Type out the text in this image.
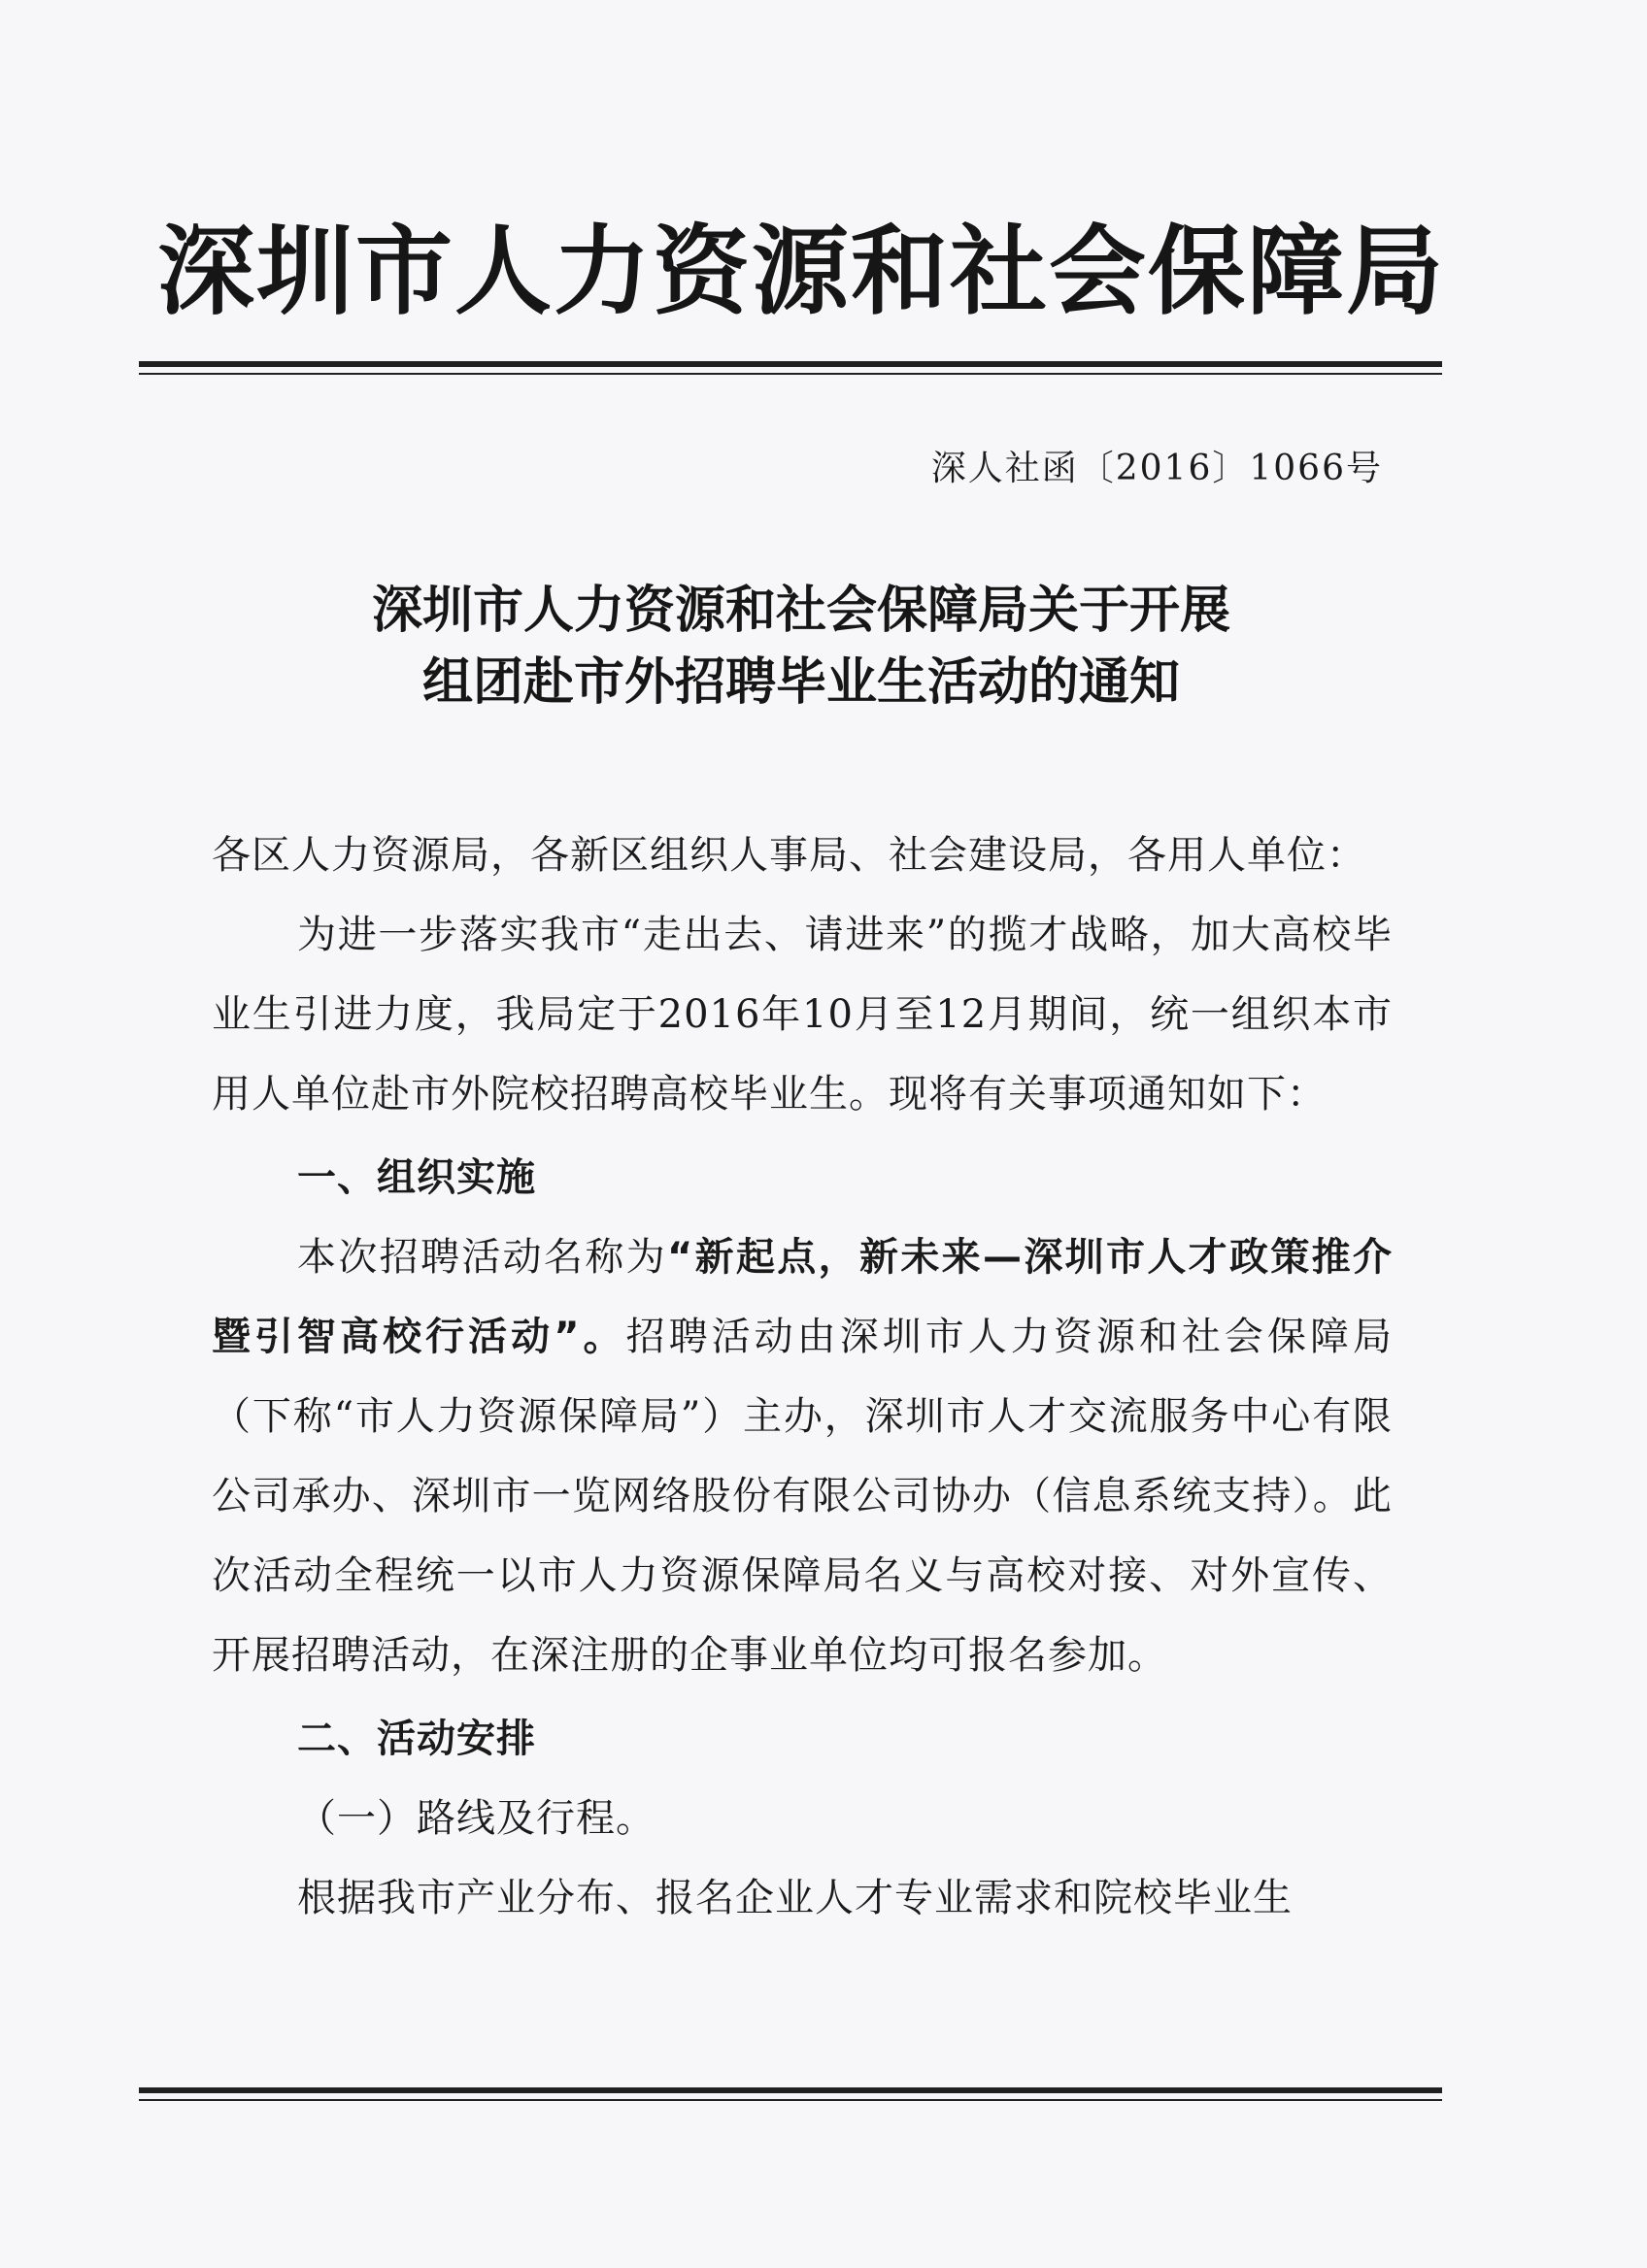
深圳市人力资源和社会保障局
深人社函〔2016〕1066号
深圳市人力资源和社会保障局关于开展
组团赴市外招聘毕业生活动的通知

各区人力资源局，各新区组织人事局、社会建设局，各用人单位：

为进一步落实我市“走出去、请进来”的揽才战略，加大高校毕业生引进力度，我局定于2016年10月至12月期间，统一组织本市用人单位赴市外院校招聘高校毕业生。现将有关事项通知如下：

一、组织实施

本次招聘活动名称为“新起点，新未来—深圳市人才政策推介暨引智高校行活动”。招聘活动由深圳市人力资源和社会保障局（下称“市人力资源保障局”）主办，深圳市人才交流服务中心有限公司承办、深圳市一览网络股份有限公司协办（信息系统支持）。此次活动全程统一以市人力资源保障局名义与高校对接、对外宣传、开展招聘活动，在深注册的企事业单位均可报名参加。

二、活动安排

（一）路线及行程。

根据我市产业分布、报名企业人才专业需求和院校毕业生
